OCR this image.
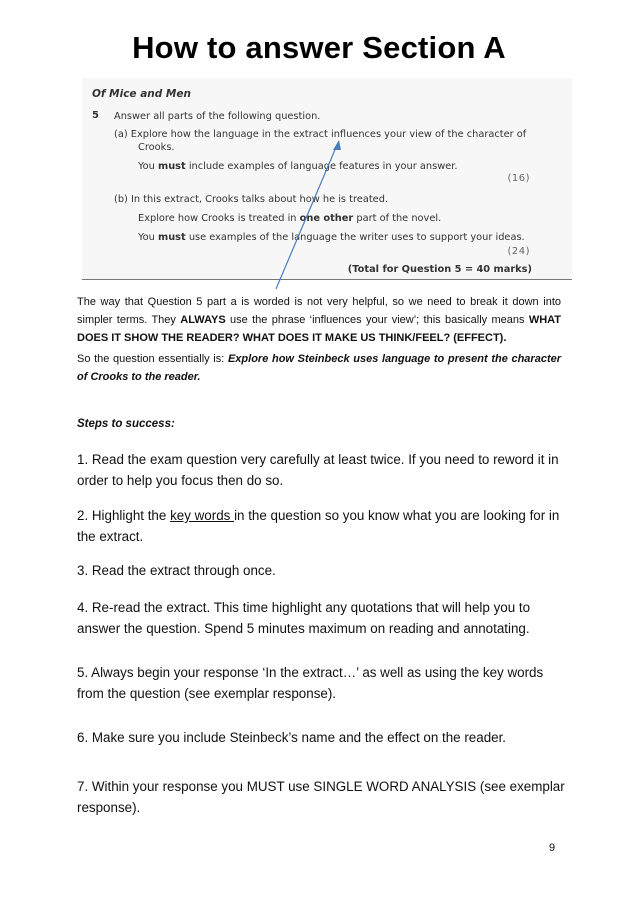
How to answer Section A
Of Mice and Men
5 Answer all parts of the following question.
(a) Explore how the language in the extract influences your view of the character of
Crooks.
You must include examples of language features in your answer.
(16)
(b) In this extract, Crooks talks about how he is treated.
Explore how Crooks is treated in one other part of the novel.
You must use examples of the language the writer uses to support your ideas.
(24)
(Total for Question 5 = 40 marks)
The way that Question 5 part a is worded is not very helpful, so we need to break it down into simpler terms. They ALWAYS use the phrase ‘influences your view’; this basically means WHAT DOES IT SHOW THE READER? WHAT DOES IT MAKE US THINK/FEEL? (EFFECT).
So the question essentially is: Explore how Steinbeck uses language to present the character of Crooks to the reader.
Steps to success:
1. Read the exam question very carefully at least twice. If you need to reword it in order to help you focus then do so.
2. Highlight the key words in the question so you know what you are looking for in the extract.
3. Read the extract through once.
4. Re-read the extract. This time highlight any quotations that will help you to answer the question. Spend 5 minutes maximum on reading and annotating.
5. Always begin your response ‘In the extract…’ as well as using the key words from the question (see exemplar response).
6. Make sure you include Steinbeck’s name and the effect on the reader.
7. Within your response you MUST use SINGLE WORD ANALYSIS (see exemplar response).
9
